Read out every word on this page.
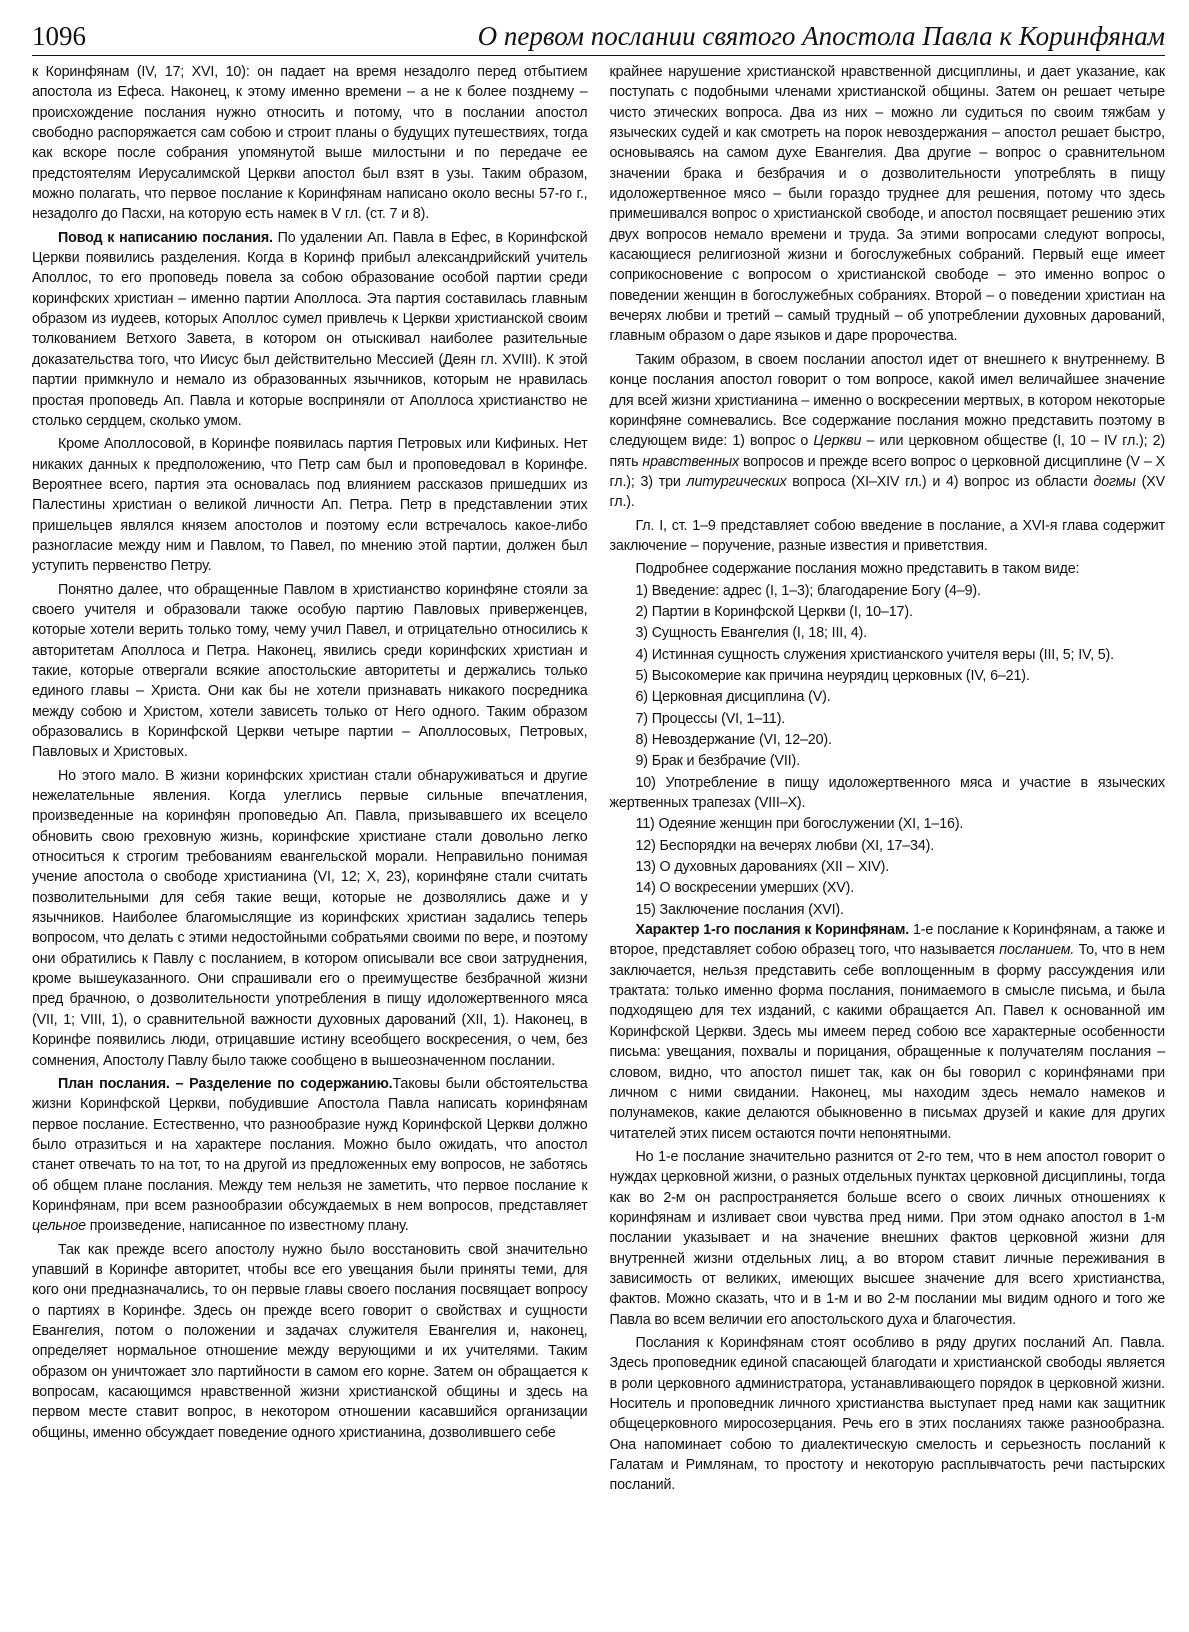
1096	О первом послании святого Апостола Павла к Коринфянам

к Коринфянам (IV, 17; XVI, 10): он падает на время незадолго перед отбытием апостола из Ефеса. Наконец, к этому именно времени – а не к более позднему – происхождение послания нужно относить и потому, что в послании апостол свободно распоряжается сам собою и строит планы о будущих путешествиях, тогда как вскоре после собрания упомянутой выше милостыни и по передаче ее предстоятелям Иерусалимской Церкви апостол был взят в узы. Таким образом, можно полагать, что первое послание к Коринфянам написано около весны 57-го г., незадолго до Пасхи, на которую есть намек в V гл. (ст. 7 и 8).

Повод к написанию послания. По удалении Ап. Павла в Ефес, в Коринфской Церкви появились разделения. Когда в Коринф прибыл александрийский учитель Аполлос, то его проповедь повела за собою образование особой партии среди коринфских христиан – именно партии Аполлоса. Эта партия составилась главным образом из иудеев, которых Аполлос сумел привлечь к Церкви христианской своим толкованием Ветхого Завета, в котором он отыскивал наиболее разительные доказательства того, что Иисус был действительно Мессией (Деян гл. XVIII). К этой партии примкнуло и немало из образованных язычников, которым не нравилась простая проповедь Ап. Павла и которые восприняли от Аполлоса христианство не столько сердцем, сколько умом.

Кроме Аполлосовой, в Коринфе появилась партия Петровых или Кифиных. Нет никаких данных к предположению, что Петр сам был и проповедовал в Коринфе. Вероятнее всего, партия эта основалась под влиянием рассказов пришедших из Палестины христиан о великой личности Ап. Петра. Петр в представлении этих пришельцев являлся князем апостолов и поэтому если встречалось какое-либо разногласие между ним и Павлом, то Павел, по мнению этой партии, должен был уступить первенство Петру.

Понятно далее, что обращенные Павлом в христианство коринфяне стояли за своего учителя и образовали также особую партию Павловых приверженцев, которые хотели верить только тому, чему учил Павел, и отрицательно относились к авторитетам Аполлоса и Петра. Наконец, явились среди коринфских христиан и такие, которые отвергали всякие апостольские авторитеты и держались только единого главы – Христа. Они как бы не хотели признавать никакого посредника между собою и Христом, хотели зависеть только от Него одного. Таким образом образовались в Коринфской Церкви четыре партии – Аполлосовых, Петровых, Павловых и Христовых.

Но этого мало. В жизни коринфских христиан стали обнаруживаться и другие нежелательные явления. Когда улеглись первые сильные впечатления, произведенные на коринфян проповедью Ап. Павла, призывавшего их всецело обновить свою греховную жизнь, коринфские христиане стали довольно легко относиться к строгим требованиям евангельской морали. Неправильно понимая учение апостола о свободе христианина (VI, 12; X, 23), коринфяне стали считать позволительными для себя такие вещи, которые не дозволялись даже и у язычников. Наиболее благомыслящие из коринфских христиан задались теперь вопросом, что делать с этими недостойными собратьями своими по вере, и поэтому они обратились к Павлу с посланием, в котором описывали все свои затруднения, кроме вышеуказанного. Они спрашивали его о преимуществе безбрачной жизни пред брачною, о дозволительности употребления в пищу идоложертвенного мяса (VII, 1; VIII, 1), о сравнительной важности духовных дарований (XII, 1). Наконец, в Коринфе появились люди, отрицавшие истину всеобщего воскресения, о чем, без сомнения, Апостолу Павлу было также сообщено в вышеозначенном послании.

План послания. – Разделение по содержанию.Таковы были обстоятельства жизни Коринфской Церкви, побудившие Апостола Павла написать коринфянам первое послание. Естественно, что разнообразие нужд Коринфской Церкви должно было отразиться и на характере послания. Можно было ожидать, что апостол станет отвечать то на тот, то на другой из предложенных ему вопросов, не заботясь об общем плане послания. Между тем нельзя не заметить, что первое послание к Коринфянам, при всем разнообразии обсуждаемых в нем вопросов, представляет цельное произведение, написанное по известному плану.

Так как прежде всего апостолу нужно было восстановить свой значительно упавший в Коринфе авторитет, чтобы все его увещания были приняты теми, для кого они предназначались, то он первые главы своего послания посвящает вопросу о партиях в Коринфе. Здесь он прежде всего говорит о свойствах и сущности Евангелия, потом о положении и задачах служителя Евангелия и, наконец, определяет нормальное отношение между верующими и их учителями. Таким образом он уничтожает зло партийности в самом его корне. Затем он обращается к вопросам, касающимся нравственной жизни христианской общины и здесь на первом месте ставит вопрос, в некотором отношении касавшийся организации общины, именно обсуждает поведение одного христианина, дозволившего себе

крайнее нарушение христианской нравственной дисциплины, и дает указание, как поступать с подобными членами христианской общины. Затем он решает четыре чисто этических вопроса. Два из них – можно ли судиться по своим тяжбам у языческих судей и как смотреть на порок невоздержания – апостол решает быстро, основываясь на самом духе Евангелия. Два другие – вопрос о сравнительном значении брака и безбрачия и о дозволительности употреблять в пищу идоложертвенное мясо – были гораздо труднее для решения, потому что здесь примешивался вопрос о христианской свободе, и апостол посвящает решению этих двух вопросов немало времени и труда. За этими вопросами следуют вопросы, касающиеся религиозной жизни и богослужебных собраний. Первый еще имеет соприкосновение с вопросом о христианской свободе – это именно вопрос о поведении женщин в богослужебных собраниях. Второй – о поведении христиан на вечерях любви и третий – самый трудный – об употреблении духовных дарований, главным образом о даре языков и даре пророчества.

Таким образом, в своем послании апостол идет от внешнего к внутреннему. В конце послания апостол говорит о том вопросе, какой имел величайшее значение для всей жизни христианина – именно о воскресении мертвых, в котором некоторые коринфяне сомневались. Все содержание послания можно представить поэтому в следующем виде: 1) вопрос о Церкви – или церковном обществе (I, 10 – IV гл.); 2) пять нравственных вопросов и прежде всего вопрос о церковной дисциплине (V – X гл.); 3) три литургических вопроса (XI–XIV гл.) и 4) вопрос из области догмы (XV гл.).

Гл. I, ст. 1–9 представляет собою введение в послание, а XVI-я глава содержит заключение – поручение, разные известия и приветствия.

Подробнее содержание послания можно представить в таком виде:

1) Введение: адрес (I, 1–3); благодарение Богу (4–9).
2) Партии в Коринфской Церкви (I, 10–17).
3) Сущность Евангелия (I, 18; III, 4).
4) Истинная сущность служения христианского учителя веры (III, 5; IV, 5).
5) Высокомерие как причина неурядиц церковных (IV, 6–21).
6) Церковная дисциплина (V).
7) Процессы (VI, 1–11).
8) Невоздержание (VI, 12–20).
9) Брак и безбрачие (VII).
10) Употребление в пищу идоложертвенного мяса и участие в языческих жертвенных трапезах (VIII–X).
11) Одеяние женщин при богослужении (XI, 1–16).
12) Беспорядки на вечерях любви (XI, 17–34).
13) О духовных дарованиях (XII – XIV).
14) О воскресении умерших (XV).
15) Заключение послания (XVI).

Характер 1-го послания к Коринфянам. 1-е послание к Коринфянам, а также и второе, представляет собою образец того, что называется посланием. То, что в нем заключается, нельзя представить себе воплощенным в форму рассуждения или трактата: только именно форма послания, понимаемого в смысле письма, и была подходящею для тех изданий, с какими обращается Ап. Павел к основанной им Коринфской Церкви. Здесь мы имеем перед собою все характерные особенности письма: увещания, похвалы и порицания, обращенные к получателям послания – словом, видно, что апостол пишет так, как он бы говорил с коринфянами при личном с ними свидании. Наконец, мы находим здесь немало намеков и полунамеков, какие делаются обыкновенно в письмах друзей и какие для других читателей этих писем остаются почти непонятными.

Но 1-е послание значительно разнится от 2-го тем, что в нем апостол говорит о нуждах церковной жизни, о разных отдельных пунктах церковной дисциплины, тогда как во 2-м он распространяется больше всего о своих личных отношениях к коринфянам и изливает свои чувства пред ними. При этом однако апостол в 1-м послании указывает и на значение внешних фактов церковной жизни для внутренней жизни отдельных лиц, а во втором ставит личные переживания в зависимость от великих, имеющих высшее значение для всего христианства, фактов. Можно сказать, что и в 1-м и во 2-м послании мы видим одного и того же Павла во всем величии его апостольского духа и благочестия.

Послания к Коринфянам стоят особливо в ряду других посланий Ап. Павла. Здесь проповедник единой спасающей благодати и христианской свободы является в роли церковного администратора, устанавливающего порядок в церковной жизни. Носитель и проповедник личного христианства выступает пред нами как защитник общецерковного миросозерцания. Речь его в этих посланиях также разнообразна. Она напоминает собою то диалектическую смелость и серьезность посланий к Галатам и Римлянам, то простоту и некоторую расплывчатость речи пастырских посланий.
